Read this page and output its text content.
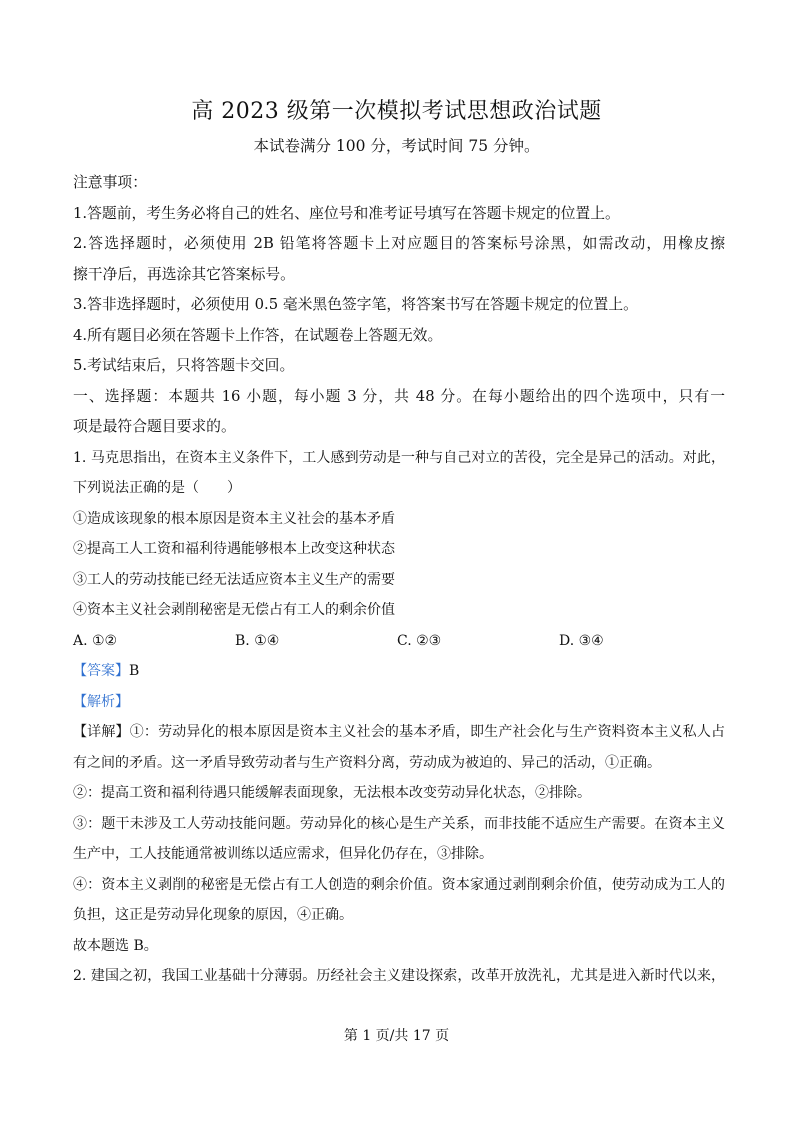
高 2023 级第一次模拟考试思想政治试题
本试卷满分 100 分，考试时间 75 分钟。

注意事项：

1.答题前，考生务必将自己的姓名、座位号和准考证号填写在答题卡规定的位置上。

2.答选择题时，必须使用 2B 铅笔将答题卡上对应题目的答案标号涂黑，如需改动，用橡皮擦

擦干净后，再选涂其它答案标号。

3.答非选择题时，必须使用 0.5 毫米黑色签字笔，将答案书写在答题卡规定的位置上。

4.所有题目必须在答题卡上作答，在试题卷上答题无效。

5.考试结束后，只将答题卡交回。

一、选择题：本题共 16 小题，每小题 3 分，共 48 分。在每小题给出的四个选项中，只有一

项是最符合题目要求的。

1. 马克思指出，在资本主义条件下，工人感到劳动是一种与自己对立的苦役，完全是异己的活动。对此，

下列说法正确的是（　　）

①造成该现象的根本原因是资本主义社会的基本矛盾

②提高工人工资和福利待遇能够根本上改变这种状态

③工人的劳动技能已经无法适应资本主义生产的需要

④资本主义社会剥削秘密是无偿占有工人的剩余价值

A. ①②	B. ①④	C. ②③	D. ③④

【答案】B

【解析】

【详解】①：劳动异化的根本原因是资本主义社会的基本矛盾，即生产社会化与生产资料资本主义私人占

有之间的矛盾。这一矛盾导致劳动者与生产资料分离，劳动成为被迫的、异己的活动，①正确。

②：提高工资和福利待遇只能缓解表面现象，无法根本改变劳动异化状态，②排除。

③：题干未涉及工人劳动技能问题。劳动异化的核心是生产关系，而非技能不适应生产需要。在资本主义

生产中，工人技能通常被训练以适应需求，但异化仍存在，③排除。

④：资本主义剥削的秘密是无偿占有工人创造的剩余价值。资本家通过剥削剩余价值，使劳动成为工人的

负担，这正是劳动异化现象的原因，④正确。

故本题选 B。

2. 建国之初，我国工业基础十分薄弱。历经社会主义建设探索，改革开放洗礼，尤其是进入新时代以来，

第 1 页/共 17 页
